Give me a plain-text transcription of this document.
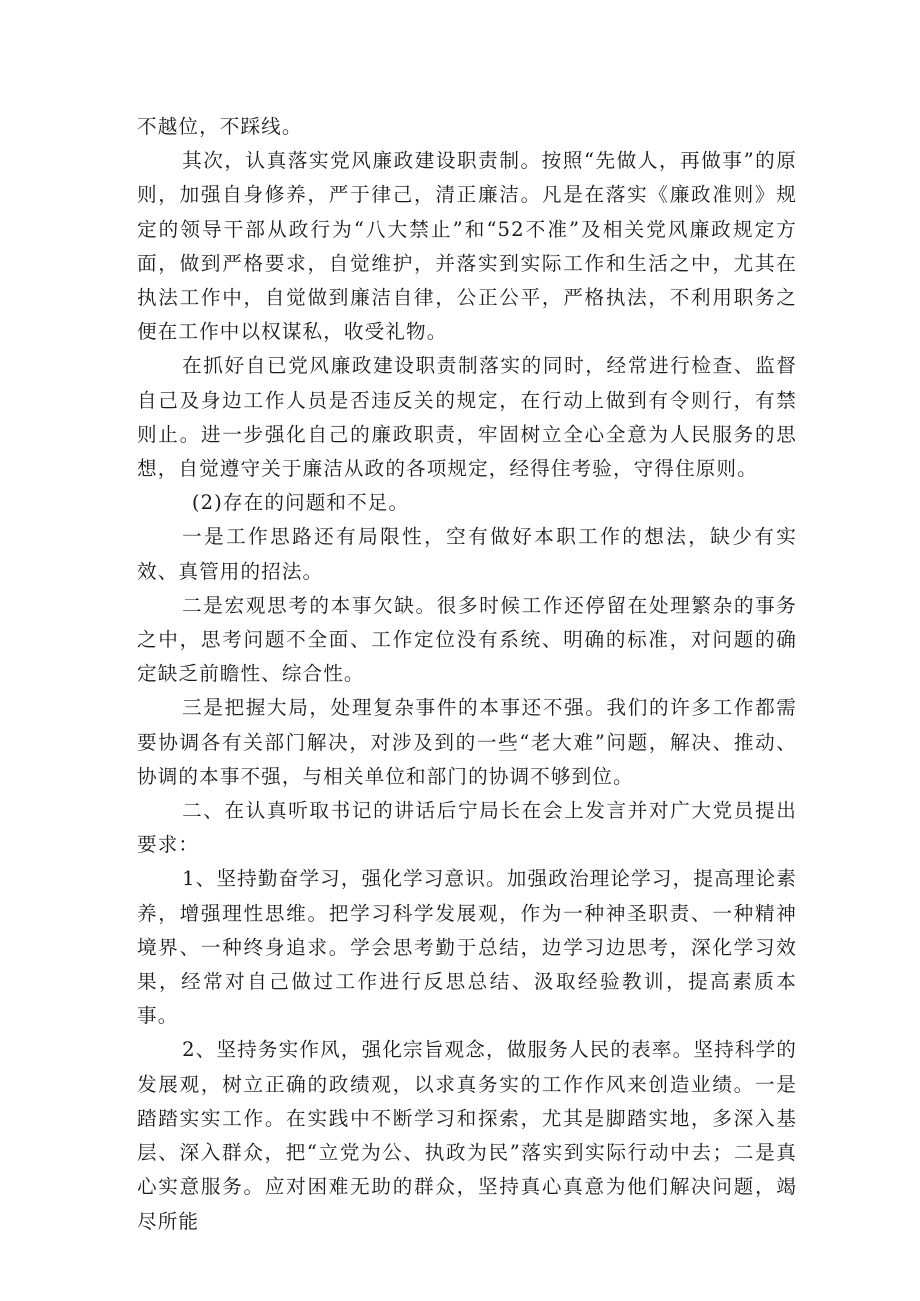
不越位，不踩线。

其次，认真落实党风廉政建设职责制。按照“先做人，再做事”的原则，加强自身修养，严于律己，清正廉洁。凡是在落实《廉政准则》规定的领导干部从政行为“八大禁止”和“52不准”及相关党风廉政规定方面，做到严格要求，自觉维护，并落实到实际工作和生活之中，尤其在执法工作中，自觉做到廉洁自律，公正公平，严格执法，不利用职务之便在工作中以权谋私，收受礼物。

在抓好自已党风廉政建设职责制落实的同时，经常进行检查、监督自己及身边工作人员是否违反关的规定，在行动上做到有令则行，有禁则止。进一步强化自己的廉政职责，牢固树立全心全意为人民服务的思想，自觉遵守关于廉洁从政的各项规定，经得住考验，守得住原则。

(2)存在的问题和不足。

一是工作思路还有局限性，空有做好本职工作的想法，缺少有实效、真管用的招法。

二是宏观思考的本事欠缺。很多时候工作还停留在处理繁杂的事务之中，思考问题不全面、工作定位没有系统、明确的标准，对问题的确定缺乏前瞻性、综合性。

三是把握大局，处理复杂事件的本事还不强。我们的许多工作都需要协调各有关部门解决，对涉及到的一些“老大难”问题，解决、推动、协调的本事不强，与相关单位和部门的协调不够到位。

二、在认真听取书记的讲话后宁局长在会上发言并对广大党员提出要求：

1、坚持勤奋学习，强化学习意识。加强政治理论学习，提高理论素养，增强理性思维。把学习科学发展观，作为一种神圣职责、一种精神境界、一种终身追求。学会思考勤于总结，边学习边思考，深化学习效果，经常对自己做过工作进行反思总结、汲取经验教训，提高素质本事。

2、坚持务实作风，强化宗旨观念，做服务人民的表率。坚持科学的发展观，树立正确的政绩观，以求真务实的工作作风来创造业绩。一是踏踏实实工作。在实践中不断学习和探索，尤其是脚踏实地，多深入基层、深入群众，把“立党为公、执政为民”落实到实际行动中去；二是真心实意服务。应对困难无助的群众，坚持真心真意为他们解决问题，竭尽所能
